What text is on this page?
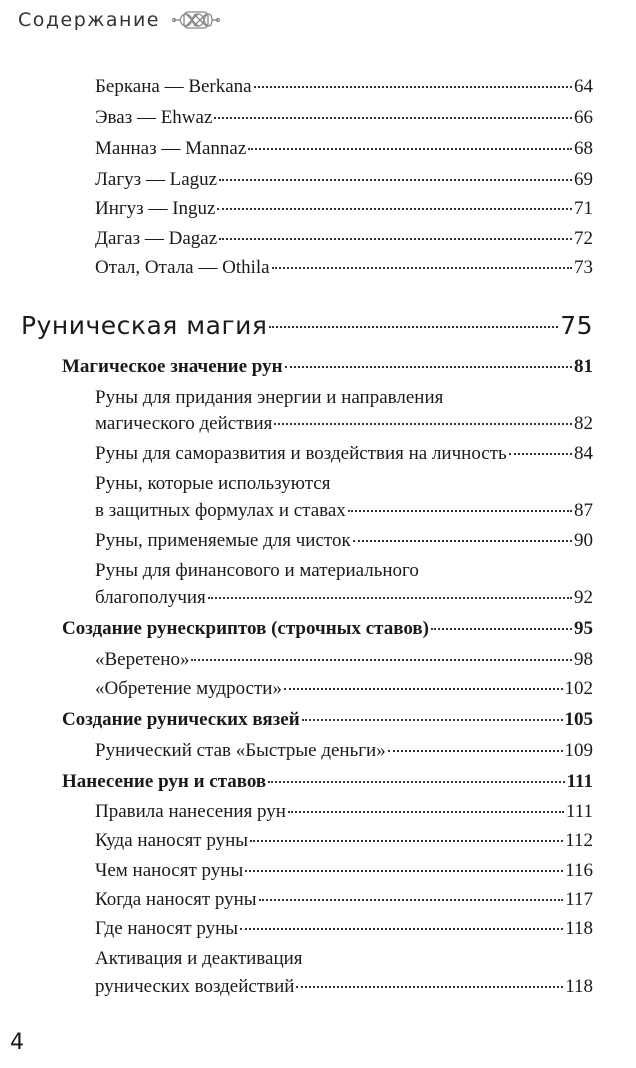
Содержание
Беркана — Berkana	64
Эваз — Ehwaz	66
Манназ — Mannaz	68
Лагуз — Laguz	69
Ингуз — Inguz	71
Дагаз — Dagaz	72
Отал, Отала — Othila	73
Руническая магия	75
Магическое значение рун	81
Руны для придания энергии и направления
магического действия	82
Руны для саморазвития и воздействия на личность	84
Руны, которые используются
в защитных формулах и ставах	87
Руны, применяемые для чисток	90
Руны для финансового и материального
благополучия	92
Создание рунескриптов (строчных ставов)	95
«Веретено»	98
«Обретение мудрости»	102
Создание рунических вязей	105
Рунический став «Быстрые деньги»	109
Нанесение рун и ставов	111
Правила нанесения рун	111
Куда наносят руны	112
Чем наносят руны	116
Когда наносят руны	117
Где наносят руны	118
Активация и деактивация
рунических воздействий	118
4
